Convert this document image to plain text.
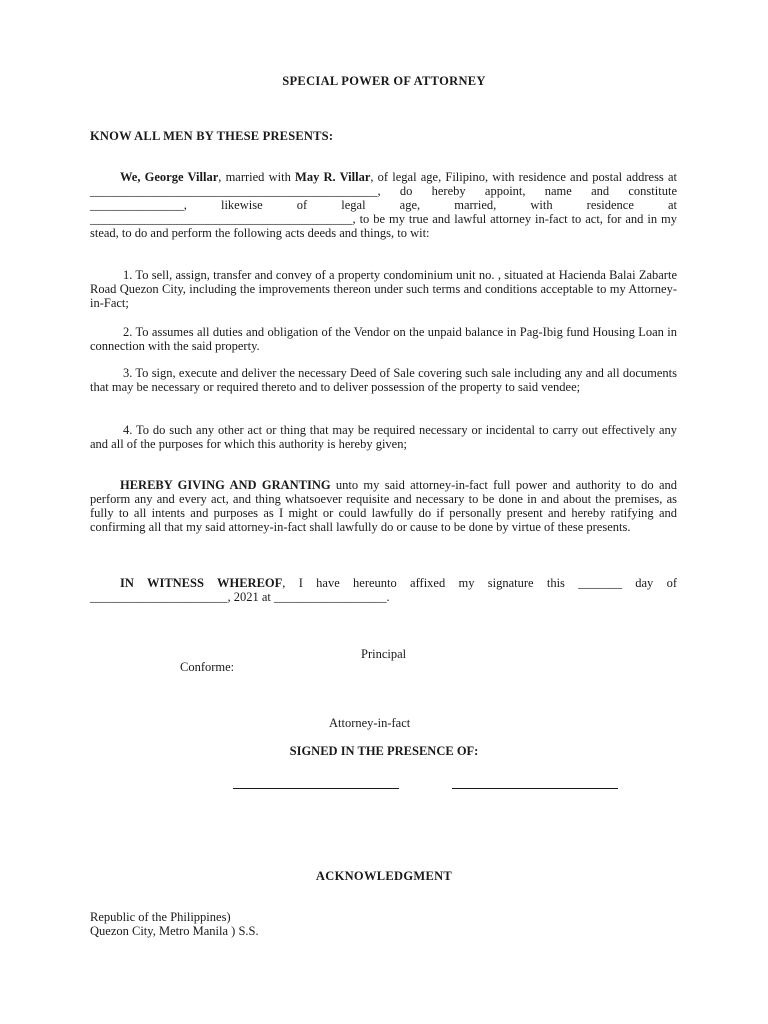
SPECIAL POWER OF ATTORNEY
KNOW ALL MEN BY THESE PRESENTS:
We, George Villar, married with May R. Villar, of legal age, Filipino, with residence and postal address at ______________________________________________, do hereby appoint, name and constitute _______________, likewise of legal age, married, with residence at __________________________________________, to be my true and lawful attorney in-fact to act, for and in my stead, to do and perform the following acts deeds and things, to wit:
1. To sell, assign, transfer and convey of a property condominium unit no. , situated at Hacienda Balai Zabarte Road Quezon City, including the improvements thereon under such terms and conditions acceptable to my Attorney-in-Fact;
2. To assumes all duties and obligation of the Vendor on the unpaid balance in Pag-Ibig fund Housing Loan in connection with the said property.
3. To sign, execute and deliver the necessary Deed of Sale covering such sale including any and all documents that may be necessary or required thereto and to deliver possession of the property to said vendee;
4. To do such any other act or thing that may be required necessary or incidental to carry out effectively any and all of the purposes for which this authority is hereby given;
HEREBY GIVING AND GRANTING unto my said attorney-in-fact full power and authority to do and perform any and every act, and thing whatsoever requisite and necessary to be done in and about the premises, as fully to all intents and purposes as I might or could lawfully do if personally present and hereby ratifying and confirming all that my said attorney-in-fact shall lawfully do or cause to be done by virtue of these presents.
IN WITNESS WHEREOF, I have hereunto affixed my signature this _______ day of ______________________, 2021 at __________________.
Principal
Conforme:
Attorney-in-fact
SIGNED IN THE PRESENCE OF:
ACKNOWLEDGMENT
Republic of the Philippines)
Quezon City, Metro Manila ) S.S.
